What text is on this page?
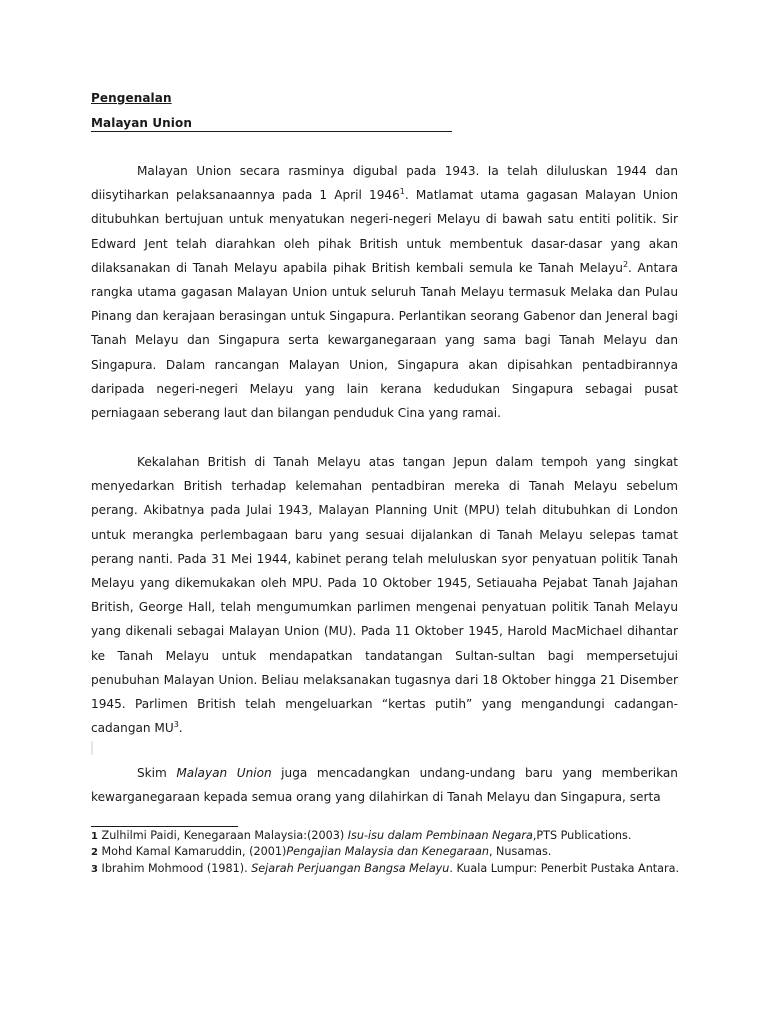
Pengenalan
Malayan Union

Malayan Union secara rasminya digubal pada 1943. Ia telah diluluskan 1944 dan diisytiharkan pelaksanaannya pada 1 April 1946$^1$. Matlamat utama gagasan Malayan Union ditubuhkan bertujuan untuk menyatukan negeri-negeri Melayu di bawah satu entiti politik. Sir Edward Jent telah diarahkan oleh pihak British untuk membentuk dasar-dasar yang akan dilaksanakan di Tanah Melayu apabila pihak British kembali semula ke Tanah Melayu$^2$. Antara rangka utama gagasan Malayan Union untuk seluruh Tanah Melayu termasuk Melaka dan Pulau Pinang dan kerajaan berasingan untuk Singapura. Perlantikan seorang Gabenor dan Jeneral bagi Tanah Melayu dan Singapura serta kewarganegaraan yang sama bagi Tanah Melayu dan Singapura. Dalam rancangan Malayan Union, Singapura akan dipisahkan pentadbirannya daripada negeri-negeri Melayu yang lain kerana kedudukan Singapura sebagai pusat perniagaan seberang laut dan bilangan penduduk Cina yang ramai.

Kekalahan British di Tanah Melayu atas tangan Jepun dalam tempoh yang singkat menyedarkan British terhadap kelemahan pentadbiran mereka di Tanah Melayu sebelum perang. Akibatnya pada Julai 1943, Malayan Planning Unit (MPU) telah ditubuhkan di London untuk merangka perlembagaan baru yang sesuai dijalankan di Tanah Melayu selepas tamat perang nanti. Pada 31 Mei 1944, kabinet perang telah meluluskan syor penyatuan politik Tanah Melayu yang dikemukakan oleh MPU. Pada 10 Oktober 1945, Setiauaha Pejabat Tanah Jajahan British, George Hall, telah mengumumkan parlimen mengenai penyatuan politik Tanah Melayu yang dikenali sebagai Malayan Union (MU). Pada 11 Oktober 1945, Harold MacMichael dihantar ke Tanah Melayu untuk mendapatkan tandatangan Sultan-sultan bagi mempersetujui penubuhan Malayan Union. Beliau melaksanakan tugasnya dari 18 Oktober hingga 21 Disember 1945. Parlimen British telah mengeluarkan “kertas putih” yang mengandungi cadangan-cadangan $MU^3$.

Skim Malayan Union juga mencadangkan undang-undang baru yang memberikan kewarganegaraan kepada semua orang yang dilahirkan di Tanah Melayu dan Singapura, serta

1 Zulhilmi Paidi, Kenegaraan Malaysia:(2003) Isu-isu dalam Pembinaan Negara,PTS Publications.

2 Mohd Kamal Kamaruddin, (2001)Pengajian Malaysia dan Kenegaraan, Nusamas.

3 Ibrahim Mohmood (1981). Sejarah Perjuangan Bangsa Melayu. Kuala Lumpur: Penerbit Pustaka Antara.
